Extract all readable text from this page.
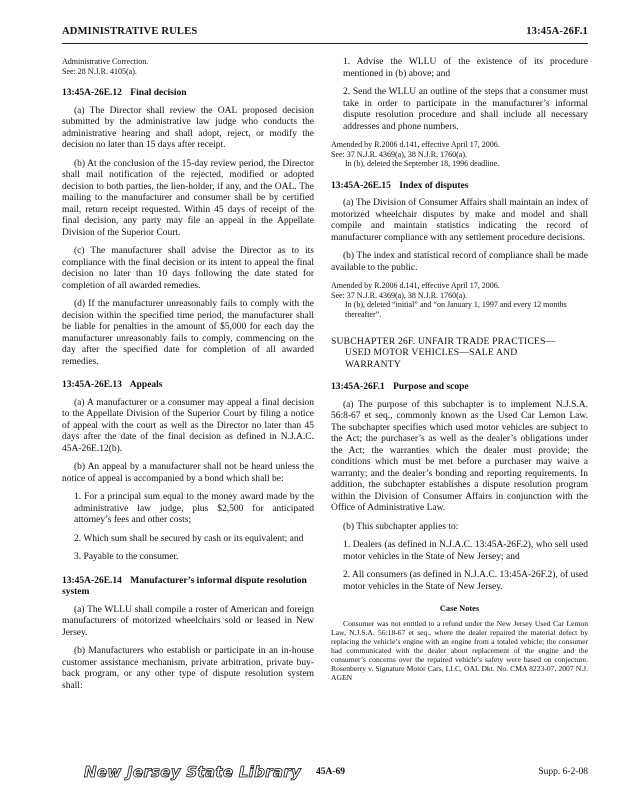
ADMINISTRATIVE RULES	13:45A-26F.1
Administrative Correction.
See: 28 N.J.R. 4105(a).
13:45A-26E.12 Final decision

(a) The Director shall review the OAL proposed decision submitted by the administrative law judge who conducts the administrative hearing and shall adopt, reject, or modify the decision no later than 15 days after receipt.

(b) At the conclusion of the 15-day review period, the Director shall mail notification of the rejected, modified or adopted decision to both parties, the lien-holder, if any, and the OAL. The mailing to the manufacturer and consumer shall be by certified mail, return receipt requested. Within 45 days of receipt of the final decision, any party may file an appeal in the Appellate Division of the Superior Court.

(c) The manufacturer shall advise the Director as to its compliance with the final decision or its intent to appeal the final decision no later than 10 days following the date stated for completion of all awarded remedies.

(d) If the manufacturer unreasonably fails to comply with the decision within the specified time period, the manufacturer shall be liable for penalties in the amount of $5,000 for each day the manufacturer unreasonably fails to comply, commencing on the day after the specified date for completion of all awarded remedies.

13:45A-26E.13 Appeals

(a) A manufacturer or a consumer may appeal a final decision to the Appellate Division of the Superior Court by filing a notice of appeal with the court as well as the Director no later than 45 days after the date of the final decision as defined in N.J.A.C. 45A-26E.12(b).

(b) An appeal by a manufacturer shall not be heard unless the notice of appeal is accompanied by a bond which shall be:

1. For a principal sum equal to the money award made by the administrative law judge, plus $2,500 for anticipated attorney’s fees and other costs;

2. Which sum shall be secured by cash or its equivalent; and

3. Payable to the consumer.

13:45A-26E.14 Manufacturer’s informal dispute resolution system

(a) The WLLU shall compile a roster of American and foreign manufacturers of motorized wheelchairs sold or leased in New Jersey.

(b) Manufacturers who establish or participate in an in-house customer assistance mechanism, private arbitration, private buy-back program, or any other type of dispute resolution system shall:

1. Advise the WLLU of the existence of its procedure mentioned in (b) above; and

2. Send the WLLU an outline of the steps that a consumer must take in order to participate in the manufacturer’s informal dispute resolution procedure and shall include all necessary addresses and phone numbers.

Amended by R.2006 d.141, effective April 17, 2006.
See: 37 N.J.R. 4369(a), 38 N.J.R. 1760(a).
In (b), deleted the September 18, 1996 deadline.
13:45A-26E.15 Index of disputes

(a) The Division of Consumer Affairs shall maintain an index of motorized wheelchair disputes by make and model and shall compile and maintain statistics indicating the record of manufacturer compliance with any settlement procedure decisions.

(b) The index and statistical record of compliance shall be made available to the public.

Amended by R.2006 d.141, effective April 17, 2006.
See: 37 N.J.R. 4369(a), 38 N.J.R. 1760(a).
In (b), deleted “initial” and “on January 1, 1997 and every 12 months thereafter”.
SUBCHAPTER 26F. UNFAIR TRADE PRACTICES—
USED MOTOR VEHICLES—SALE AND
WARRANTY
13:45A-26F.1 Purpose and scope

(a) The purpose of this subchapter is to implement N.J.S.A. 56:8-67 et seq., commonly known as the Used Car Lemon Law. The subchapter specifies which used motor vehicles are subject to the Act; the purchaser’s as well as the dealer’s obligations under the Act; the warranties which the dealer must provide; the conditions which must be met before a purchaser may waive a warranty; and the dealer’s bonding and reporting requirements. In addition, the subchapter establishes a dispute resolution program within the Division of Consumer Affairs in conjunction with the Office of Administrative Law.

(b) This subchapter applies to:

1. Dealers (as defined in N.J.A.C. 13:45A-26F.2), who sell used motor vehicles in the State of New Jersey; and

2. All consumers (as defined in N.J.A.C. 13:45A-26F.2), of used motor vehicles in the State of New Jersey.

Case Notes
Consumer was not entitled to a refund under the New Jersey Used Car Lemon Law, N.J.S.A. 56:18-67 et seq., where the dealer repaired the material defect by replacing the vehicle’s engine with an engine from a totaled vehicle; the consumer had communicated with the dealer about replacement of the engine and the consumer’s concerns over the repaired vehicle’s safety were based on conjecture. Rosenberry v. Signature Motor Cars, LLC, OAL Dkt. No. CMA 8223-07, 2007 N.J. AGEN
New Jersey State Library 45A-69	Supp. 6-2-08
